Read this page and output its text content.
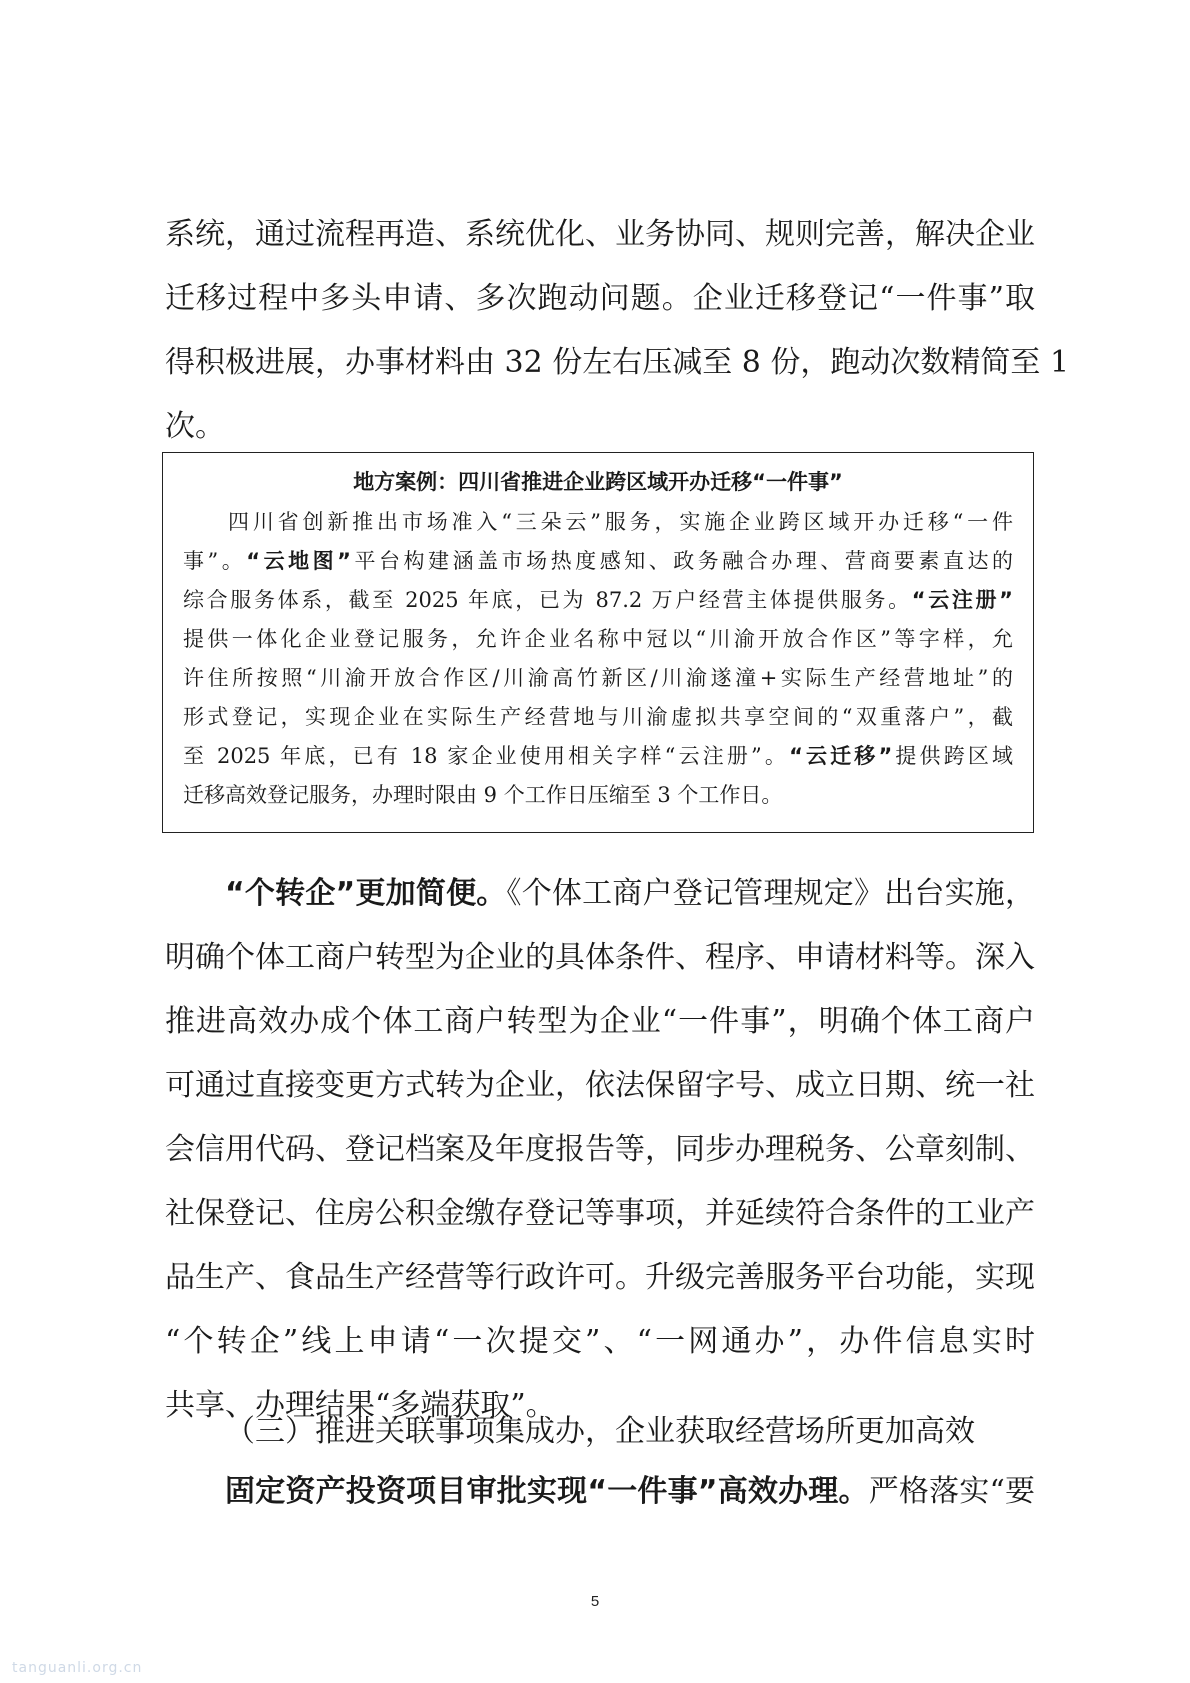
系统，通过流程再造、系统优化、业务协同、规则完善，解决企业
迁移过程中多头申请、多次跑动问题。企业迁移登记“一件事”取
得积极进展，办事材料由 32 份左右压减至 8 份，跑动次数精简至 1
次。
地方案例：四川省推进企业跨区域开办迁移“一件事”
四川省创新推出市场准入“三朵云”服务，实施企业跨区域开办迁移“一件
事”。“云地图”平台构建涵盖市场热度感知、政务融合办理、营商要素直达的
综合服务体系，截至 2025 年底，已为 87.2 万户经营主体提供服务。“云注册”
提供一体化企业登记服务，允许企业名称中冠以“川渝开放合作区”等字样，允
许住所按照“川渝开放合作区/川渝高竹新区/川渝遂潼+实际生产经营地址”的
形式登记，实现企业在实际生产经营地与川渝虚拟共享空间的“双重落户”，截
至 2025 年底，已有 18 家企业使用相关字样“云注册”。“云迁移”提供跨区域
迁移高效登记服务，办理时限由 9 个工作日压缩至 3 个工作日。
“个转企”更加简便。《个体工商户登记管理规定》出台实施，
明确个体工商户转型为企业的具体条件、程序、申请材料等。深入
推进高效办成个体工商户转型为企业“一件事”，明确个体工商户
可通过直接变更方式转为企业，依法保留字号、成立日期、统一社
会信用代码、登记档案及年度报告等，同步办理税务、公章刻制、
社保登记、住房公积金缴存登记等事项，并延续符合条件的工业产
品生产、食品生产经营等行政许可。升级完善服务平台功能，实现
“个转企”线上申请“一次提交”、“一网通办”，办件信息实时
共享、办理结果“多端获取”。
（三）推进关联事项集成办，企业获取经营场所更加高效
固定资产投资项目审批实现“一件事”高效办理。严格落实“要
5
tanguanli.org.cn
